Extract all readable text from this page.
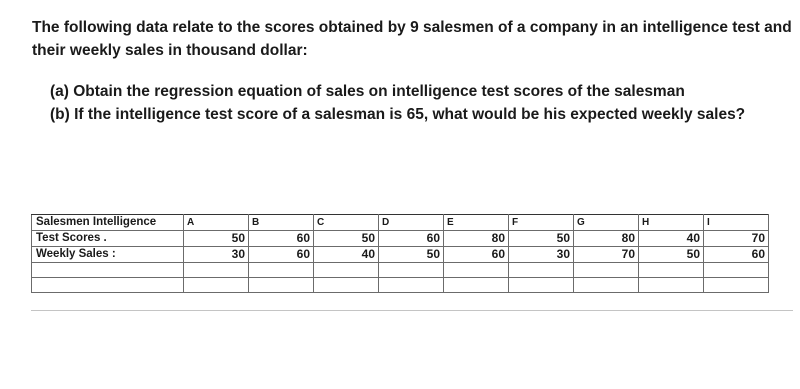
The following data relate to the scores obtained by 9 salesmen of a company in an intelligence test and their weekly sales in thousand dollar:

(a) Obtain the regression equation of sales on intelligence test scores of the salesman
(b) If the intelligence test score of a salesman is 65, what would be his expected weekly sales?
Salesmen Intelligence	A	B	C	D	E	F	G	H	I
Test Scores .	50	60	50	60	80	50	80	40	70
Weekly Sales :	30	60	40	50	60	30	70	50	60
